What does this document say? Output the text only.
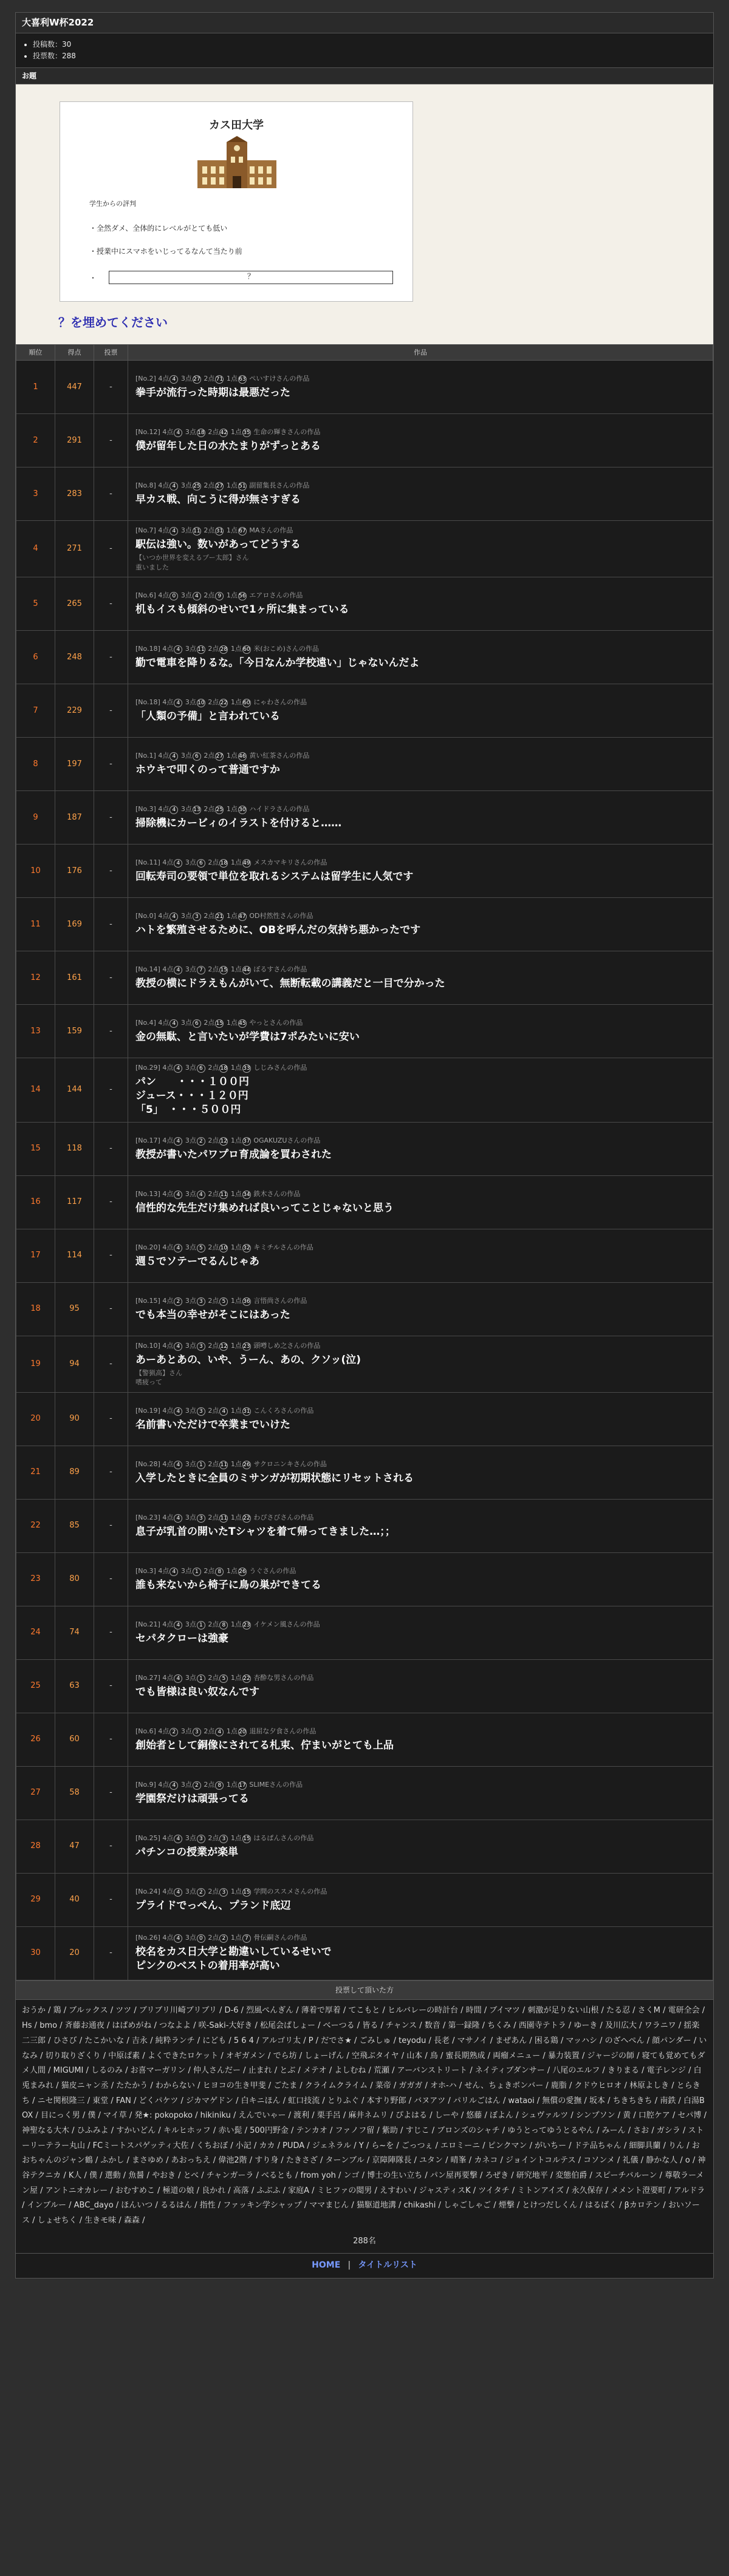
大喜利W杯2022
• 投稿数：30
• 投票数：288
お題
カス田大学
学生からの評判
・全然ダメ、全体的にレベルがとても低い
・授業中にスマホをいじってるなんて当たり前
・	？
？を埋めてください
順位	得点	投票	作品
1	447	-	[No.2] 4点 4 3点 27 2点 71 1点 63 ぺいすけさんの作品
拳手が流行った時期は最悪だった

2	291	-	[No.12] 4点 4 3点 18 2点 42 1点 35 生命の輝きさんの作品
僕が留年した日の水たまりがずっとある

3	283	-	[No.8] 4点 4 3点 25 2点 27 1点 51 副留集長さんの作品
早カス戦、向こうに得が無さすぎる

4	271	-	[No.7] 4点 4 3点 11 2点 31 1点 67 MAさんの作品
駅伝は強い。数いがあってどうする
【いつか世界を変えるプー太郎】さん
重いました

5	265	-	[No.6] 4点 0 3点 4 2点 9 1点 56 エアロさんの作品
机もイスも傾斜のせいで1ヶ所に集まっている

6	248	-	[No.18] 4点 4 3点 11 2点 28 1点 60 米(おこめ)さんの作品
勤で電車を降りるな。「今日なんか学校遠い」じゃないんだよ

7	229	-	[No.18] 4点 4 3点 10 2点 22 1点 60 にゃわさんの作品
「人類の予備」と言われている

8	197	-	[No.1] 4点 4 3点 6 2点 27 1点 46 黄い紅茶さんの作品
ホウキで叩くのって普通ですか

9	187	-	[No.3] 4点 4 3点 13 2点 25 1点 30 ハイドラさんの作品
掃除機にカービィのイラストを付けると……

10	176	-	[No.11] 4点 4 3点 6 2点 18 1点 49 メスカマキリさんの作品
回転寿司の要領で単位を取れるシステムは留学生に人気です

11	169	-	[No.0] 4点 4 3点 3 2点 21 1点 47 OD村然性さんの作品
ハトを繁殖させるために、OBを呼んだの気持ち悪かったです

12	161	-	[No.14] 4点 4 3点 7 2点 15 1点 44 ぼるすさんの作品
教授の横にドラえもんがいて、無断転載の講義だと一目で分かった

13	159	-	[No.4] 4点 4 3点 6 2点 15 1点 45 やっとさんの作品
金の無駄、と言いたいが学費は7ポみたいに安い

14	144	-	[No.29] 4点 4 3点 6 2点 18 1点 33 しじみさんの作品
パン　　・・・１００円
ジュース・・・１２０円
「5」　・・・５００円

15	118	-	[No.17] 4点 4 3点 2 2点 12 1点 37 OGAKUZUさんの作品
教授が書いたパワプロ育成論を買わされた

16	117	-	[No.13] 4点 4 3点 4 2点 11 1点 34 鉄木さんの作品
信性的な先生だけ集めれば良いってことじゃないと思う

17	114	-	[No.20] 4点 4 3点 5 2点 10 1点 32 キミチルさんの作品
週５でソテーでるんじゃあ

18	95	-	[No.15] 4点 2 3点 3 2点 5 1点 36 言悟尚さんの作品
でも本当の幸せがそこにはあった

19	94	-	[No.10] 4点 4 3点 3 2点 12 1点 23 頭噂しめ之さんの作品
あーあとあの、いや、うーん、あの、クソッ(泣)
【警猟高】さん
嗜疲って

20	90	-	[No.19] 4点 4 3点 3 2点 4 1点 31 こんくろさんの作品
名前書いただけで卒業までいけた

21	89	-	[No.28] 4点 4 3点 1 2点 11 1点 26 サクロニンキさんの作品
入学したときに全員のミサンガが初期状態にリセットされる

22	85	-	[No.23] 4点 4 3点 3 2点 11 1点 22 わぴさびさんの作品
息子が乳首の開いたTシャツを着て帰ってきました…；；

23	80	-	[No.3] 4点 4 3点 1 2点 8 1点 26 うぐさんの作品
誰も来ないから椅子に鳥の巣ができてる

24	74	-	[No.21] 4点 4 3点 1 2点 8 1点 23 イケメン風さんの作品
セパタクローは強豪

25	63	-	[No.27] 4点 4 3点 1 2点 5 1点 22 杏酔な男さんの作品
でも皆様は良い奴なんです

26	60	-	[No.6] 4点 2 3点 3 2点 4 1点 20 退屈な夕食さんの作品
創始者として銅像にされてる札束、佇まいがとても上品

27	58	-	[No.9] 4点 4 3点 2 2点 8 1点 17 SLIMEさんの作品
学園祭だけは頑張ってる

28	47	-	[No.25] 4点 4 3点 3 2点 3 1点 15 はるぱんさんの作品
パチンコの授業が楽単

29	40	-	[No.24] 4点 4 3点 2 2点 3 1点 15 学問のススメさんの作品
プライドでっぺん、プランド底辺

30	20	-	[No.26] 4点 4 3点 0 2点 2 1点 7 骨伝嗣さんの作品
校名をカス日大学と勘違いしているせいで
ピンクのベストの着用率が高い
投票して頂いた方
おうか / 鶏 / ブルックス / ツツ / ブリブリ川崎ブリブリ / D-6 / 烈風ぺんぎん / 薄着で厚着 / てこもと / ヒルバレーの時計台 / 時間 / ブイマツ / 刺激が足りない山根 / たる忍 / さくM / 電研全会 / Hs / bmo / 斉藤お通夜 / はぱめがね / つなよよ / 咲-Saki-大好き / 松尾会ぱしょー / べーつる / 皆る / チャンス / 数音 / 第一録隆 / ちくみ / 西園寺テトラ / ゆーき / 及川広大 / ワラニワ / 揺楽二三郎 / ひさび / たこかいな / 吉永 / 純粋ランチ / にども / 5 6 4 / アルゴリ太 / P / だでさ★ / ごみしゅ / teyodu / 長老 / マサノイ / まぜあん / 困る鶏 / マッハシ / のざへぺん / 顔パンダー / いなみ / 切り取りざくり / 中原ぱ素 / よくできたロケット / オギガメン / でら坊 / しょーげん / 空飛ぶタイヤ / 山本 / 鳥 / 蜜長期熟成 / 両瘤メニュー / 暴力装置 / ジャージの師 / 寝ても覚めてもダメ人間 / MIGUMI / しるのみ / お喜マーガリン / 仲人さんだー / 止まれ / とぶ / メテオ / よしむね / 荒瀬 / アーバンストリート / ネイティブダンサー / 八尾のエルフ / きりまる / 電子レンジ / 白兎まみれ / 猫皮ニャン丞 / たたかう / わからない / ヒヨコの生き甲斐 / ごたま / クライムクライム / 菜帝 / ガガガ / オホ-ハ / せん、ちょきボンバー / 鹿脂 / クドウヒロオ / 林原よしき / とらきち / ニセ関根隆三 / 東堂 / FAN / どくパケツ / ジカマゲドン / 白キニほん / 虹口技流 / とりふぐ / 本すり野郎 / バヌアツ / パリルごはん / wataoi / 無償の愛撫 / 坂本 / ちきちきち / 南鉄 / 白湯BOX / 目にっく男 / 僕 / マイ草 / 発★: pokopoko / hikiniku / えんでいゃー / 渡利 / 栗手呂 / 麻井ネムリ / ぴよはる / しーや / 悠藤 / ぼよん / シュヴァルツ / シンプソン / 黄 / 口腔ケア / セパ博 / 神聖なる大木 / ひふみよ / すかいどん / キルヒホッフ / 赤い髭 / 500円野金 / テンカオ / ファノフ留 / 紫助 / すじこ / ブロンズのシャチ / ゆうとってゆうとるやん / みーん / さお / ガシラ / ストーリーテラー丸山 / FCミートスパゲッティ大佐 / くちおぼ / 小記 / カカ / PUDA / ジェネラル / Y / ら~を / ごっつぇ / エロミーニ / ピンクマン / がいちー / ドテ品ちゃん / 細脚具蘭 / りん / おおちゃんのジャン鶴 / ふかし / まさゆめ / あおっちえ / 偉池2階 / すり身 / たきさざ / ターンブル / 京障陣隊長 / ユタン / 晴峯 / カネコ / ジョイントコルテス / コソンメ / 礼儀 / 静かな人 / o / 神谷テクニカ / K人 / 僕 / 選動 / 魚醤 / やおき / とべ / チャンガーラ / べるとも / from yoh / ンゴ / 博士の生い立ち / パン屋再要撃 / ろぜき / 研究地平 / 変態伯爵 / スピーチバルーン / 尊敬ラーメン屋 / アントニオカレー / おむすめこ / 極道の娘 / 良かれ / 高落 / ふぶふ / 家庭A / ミヒファの閲男 / えすわい / ジャスティスK / ツイタチ / ミトンアイズ / 永久保存 / メメント澄要町 / アルドラ / インブルー / ABC_dayo / ほんいつ / るるはん / 指性 / ファッキン学シャップ / ママまじん / 猫駆道地溝 / chikashi / しゃごしゃご / 煙撃 / とけつだしくん / はるばく / βカロテン / おいソース / しょせちく / 生きモ味 / 森森 /
288名
HOME | タイトルリスト
